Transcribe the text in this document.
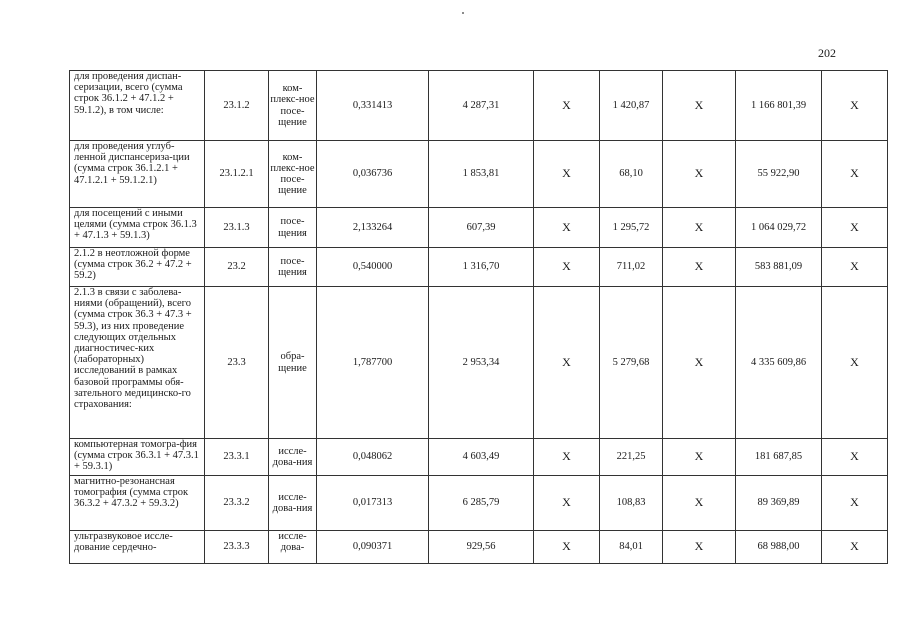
202
для проведения диспан-серизации, всего (сумма строк 36.1.2 + 47.1.2 + 59.1.2), в том числе:	23.1.2	ком-плекс-ное посе-щение	0,331413	4 287,31	X	1 420,87	X	1 166 801,39	X
для проведения углуб-ленной диспансериза-ции (сумма строк 36.1.2.1 + 47.1.2.1 + 59.1.2.1)	23.1.2.1	ком-плекс-ное посе-щение	0,036736	1 853,81	X	68,10	X	55 922,90	X
для посещений с иными целями (сумма строк 36.1.3 + 47.1.3 + 59.1.3)	23.1.3	посе-щения	2,133264	607,39	X	1 295,72	X	1 064 029,72	X
2.1.2 в неотложной форме (сумма строк 36.2 + 47.2 + 59.2)	23.2	посе-щения	0,540000	1 316,70	X	711,02	X	583 881,09	X
2.1.3 в связи с заболева-ниями (обращений), всего (сумма строк 36.3 + 47.3 + 59.3), из них проведение следующих отдельных диагностичес-ких (лабораторных) исследований в рамках базовой программы обя-зательного медицинско-го страхования:	23.3	обра-щение	1,787700	2 953,34	X	5 279,68	X	4 335 609,86	X
компьютерная томогра-фия (сумма строк 36.3.1 + 47.3.1 + 59.3.1)	23.3.1	иссле-дова-ния	0,048062	4 603,49	X	221,25	X	181 687,85	X
магнитно-резонансная томография (сумма строк 36.3.2 + 47.3.2 + 59.3.2)	23.3.2	иссле-дова-ния	0,017313	6 285,79	X	108,83	X	89 369,89	X
ультразвуковое иссле-дование сердечно-	23.3.3	иссле-дова-	0,090371	929,56	X	84,01	X	68 988,00	X
